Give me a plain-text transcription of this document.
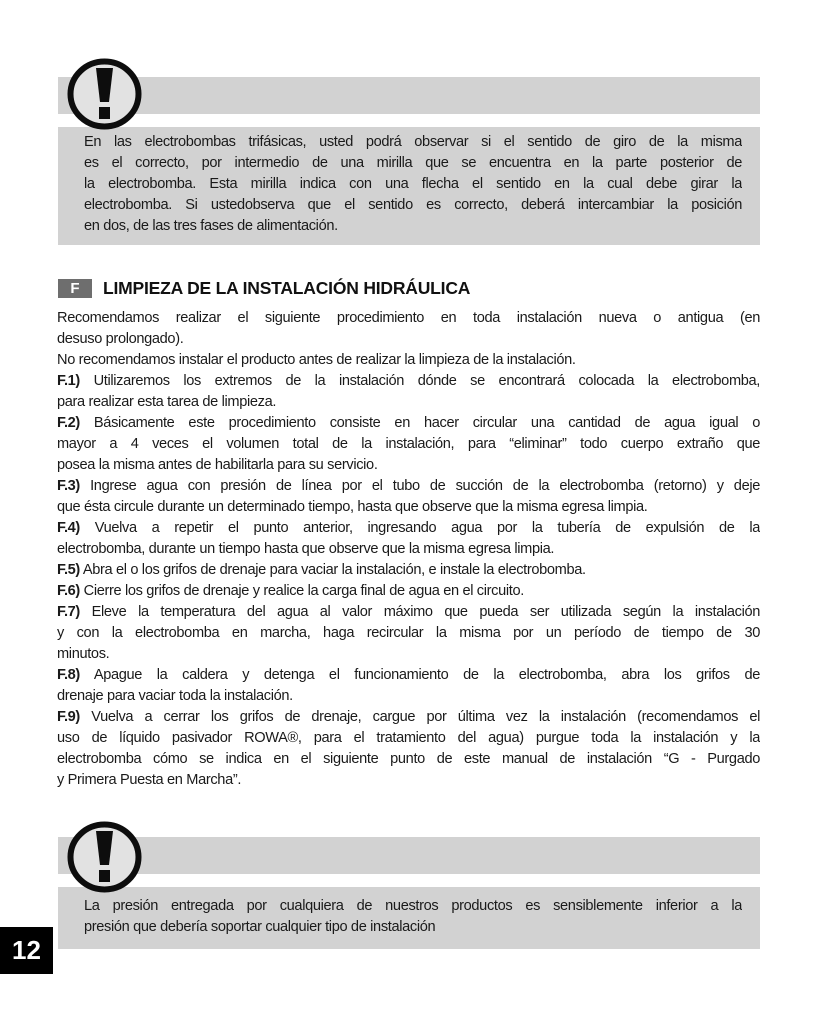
En las electrobombas trifásicas, usted podrá observar si el sentido de giro de la misma
es el correcto, por intermedio de una mirilla que se encuentra en la parte posterior de
la electrobomba. Esta mirilla indica con una flecha el sentido en la cual debe girar la
electrobomba. Si ustedobserva que el sentido es correcto, deberá intercambiar la posición
en dos, de las tres fases de alimentación.
F	LIMPIEZA DE LA INSTALACIÓN HIDRÁULICA
Recomendamos realizar el siguiente procedimiento en toda instalación nueva o antigua (en
desuso prolongado).
No recomendamos instalar el producto antes de realizar la limpieza de la instalación.
F.1) Utilizaremos los extremos de la instalación dónde se encontrará colocada la electrobomba,
para realizar esta tarea de limpieza.
F.2) Básicamente este procedimiento consiste en hacer circular una cantidad de agua igual o
mayor a 4 veces el volumen total de la instalación, para “eliminar” todo cuerpo extraño que
posea la misma antes de habilitarla para su servicio.
F.3) Ingrese agua con presión de línea por el tubo de succión de la electrobomba (retorno) y deje
que ésta circule durante un determinado tiempo, hasta que observe que la misma egresa limpia.
F.4) Vuelva a repetir el punto anterior, ingresando agua por la tubería de expulsión de la
electrobomba, durante un tiempo hasta que observe que la misma egresa limpia.
F.5) Abra el o los grifos de drenaje para vaciar la instalación, e instale la electrobomba.
F.6) Cierre los grifos de drenaje y realice la carga final de agua en el circuito.
F.7) Eleve la temperatura del agua al valor máximo que pueda ser utilizada según la instalación
y con la electrobomba en marcha, haga recircular la misma por un período de tiempo de 30
minutos.
F.8) Apague la caldera y detenga el funcionamiento de la electrobomba, abra los grifos de
drenaje para vaciar toda la instalación.
F.9) Vuelva a cerrar los grifos de drenaje, cargue por última vez la instalación (recomendamos el
uso de líquido pasivador ROWA®, para el tratamiento del agua) purgue toda la instalación y la
electrobomba cómo se indica en el siguiente punto de este manual de instalación “G - Purgado
y Primera Puesta en Marcha”.
La presión entregada por cualquiera de nuestros productos es sensiblemente inferior a la
presión que debería soportar cualquier tipo de instalación
12
